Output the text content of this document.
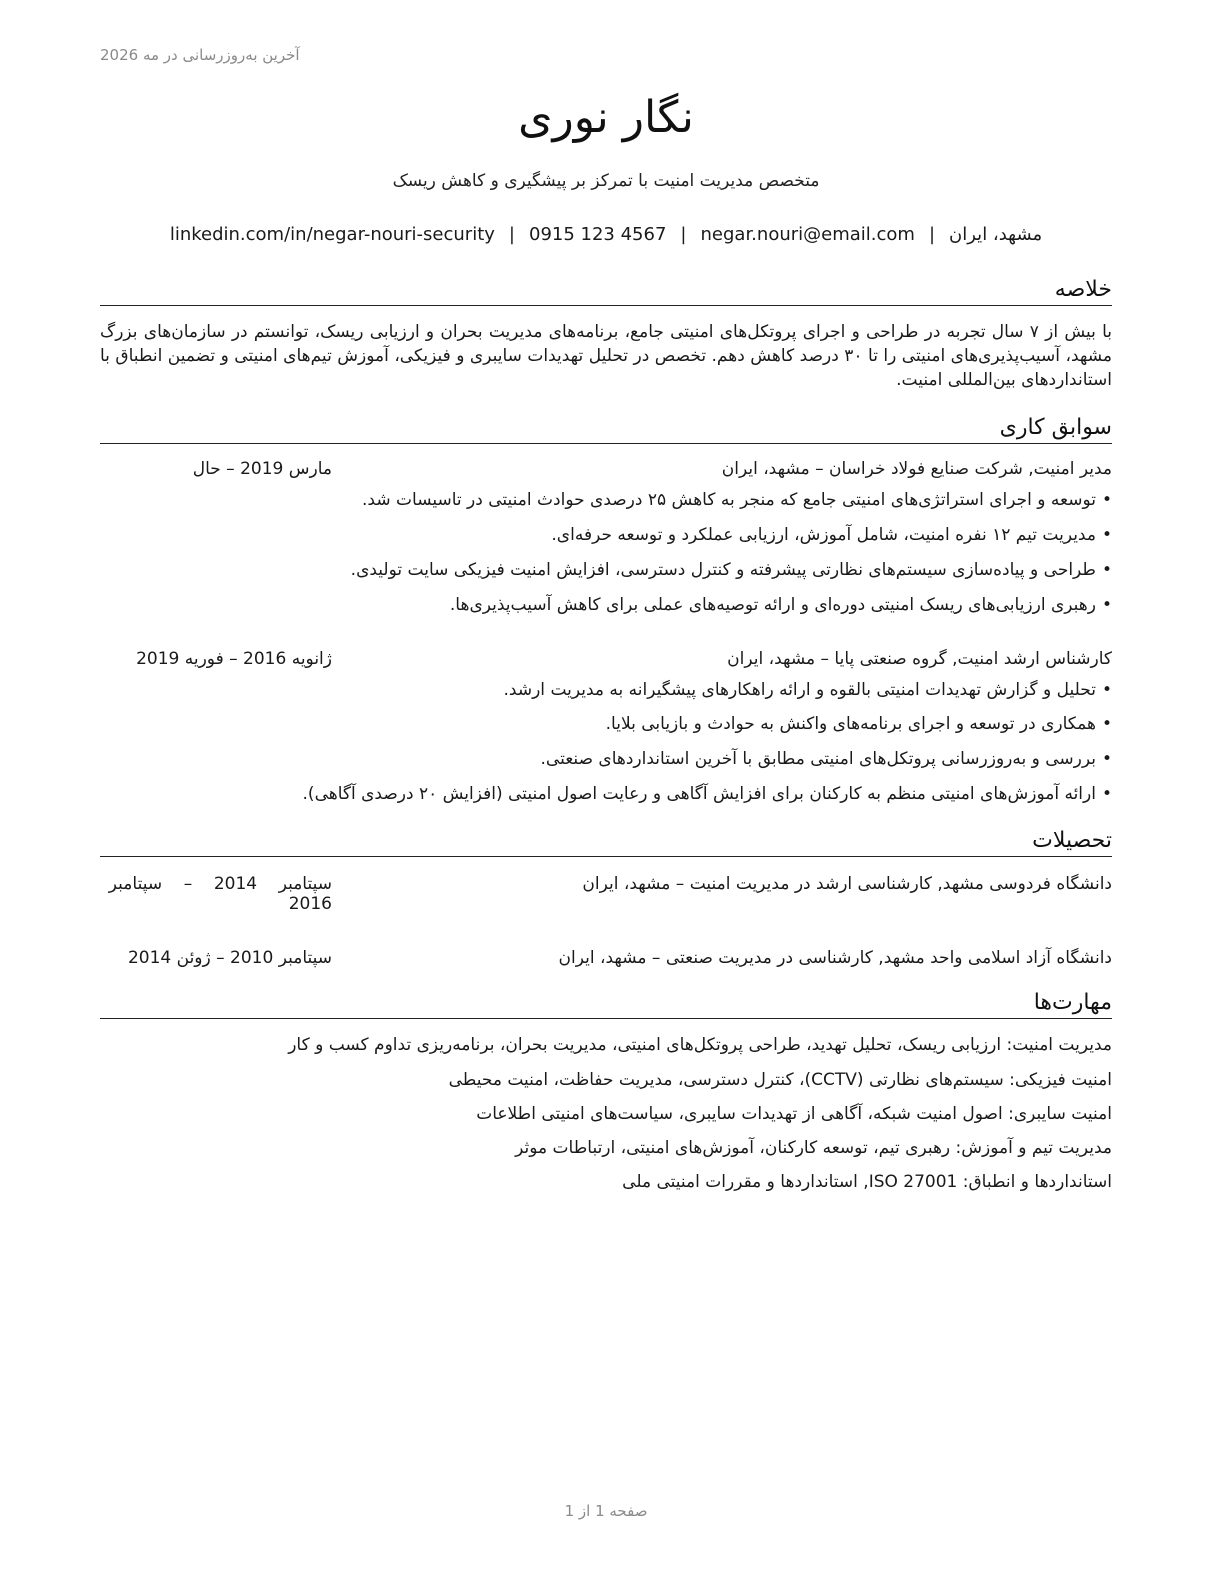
آخرین به‌روزرسانی در مه 2026
نگار نوری
متخصص مدیریت امنیت با تمرکز بر پیشگیری و کاهش ریسک
مشهد، ایران|negar.nouri@email.com|0915 123 4567|linkedin.com/in/negar-nouri-security
خلاصه
با بیش از ۷ سال تجربه در طراحی و اجرای پروتکل‌های امنیتی جامع، برنامه‌های مدیریت بحران و ارزیابی ریسک، توانستم در سازمان‌های بزرگ مشهد، آسیب‌پذیری‌های امنیتی را تا ۳۰ درصد کاهش دهم. تخصص در تحلیل تهدیدات سایبری و فیزیکی، آموزش تیم‌های امنیتی و تضمین انطباق با استانداردهای بین‌المللی امنیت.
سوابق کاری
مدیر امنیت, شرکت صنایع فولاد خراسان – مشهد، ایران
مارس 2019 – حال
•توسعه و اجرای استراتژی‌های امنیتی جامع که منجر به کاهش ۲۵ درصدی حوادث امنیتی در تاسیسات شد.
•مدیریت تیم ۱۲ نفره امنیت، شامل آموزش، ارزیابی عملکرد و توسعه حرفه‌ای.
•طراحی و پیاده‌سازی سیستم‌های نظارتی پیشرفته و کنترل دسترسی، افزایش امنیت فیزیکی سایت تولیدی.
•رهبری ارزیابی‌های ریسک امنیتی دوره‌ای و ارائه توصیه‌های عملی برای کاهش آسیب‌پذیری‌ها.
کارشناس ارشد امنیت, گروه صنعتی پایا – مشهد، ایران
ژانویه 2016 – فوریه 2019
•تحلیل و گزارش تهدیدات امنیتی بالقوه و ارائه راهکارهای پیشگیرانه به مدیریت ارشد.
•همکاری در توسعه و اجرای برنامه‌های واکنش به حوادث و بازیابی بلایا.
•بررسی و به‌روزرسانی پروتکل‌های امنیتی مطابق با آخرین استانداردهای صنعتی.
•ارائه آموزش‌های امنیتی منظم به کارکنان برای افزایش آگاهی و رعایت اصول امنیتی (افزایش ۲۰ درصدی آگاهی).
تحصیلات
دانشگاه فردوسی مشهد, کارشناسی ارشد در مدیریت امنیت – مشهد، ایران
سپتامبر    2014    –    سپتامبر
2016
دانشگاه آزاد اسلامی واحد مشهد, کارشناسی در مدیریت صنعتی – مشهد، ایران
سپتامبر 2010 – ژوئن 2014
مهارت‌ها
مدیریت امنیت: ارزیابی ریسک، تحلیل تهدید، طراحی پروتکل‌های امنیتی، مدیریت بحران، برنامه‌ریزی تداوم کسب و کار
امنیت فیزیکی: سیستم‌های نظارتی (CCTV)، کنترل دسترسی، مدیریت حفاظت، امنیت محیطی
امنیت سایبری: اصول امنیت شبکه، آگاهی از تهدیدات سایبری، سیاست‌های امنیتی اطلاعات
مدیریت تیم و آموزش: رهبری تیم، توسعه کارکنان، آموزش‌های امنیتی، ارتباطات موثر
استانداردها و انطباق: ISO 27001, استانداردها و مقررات امنیتی ملی
صفحه 1 از 1
